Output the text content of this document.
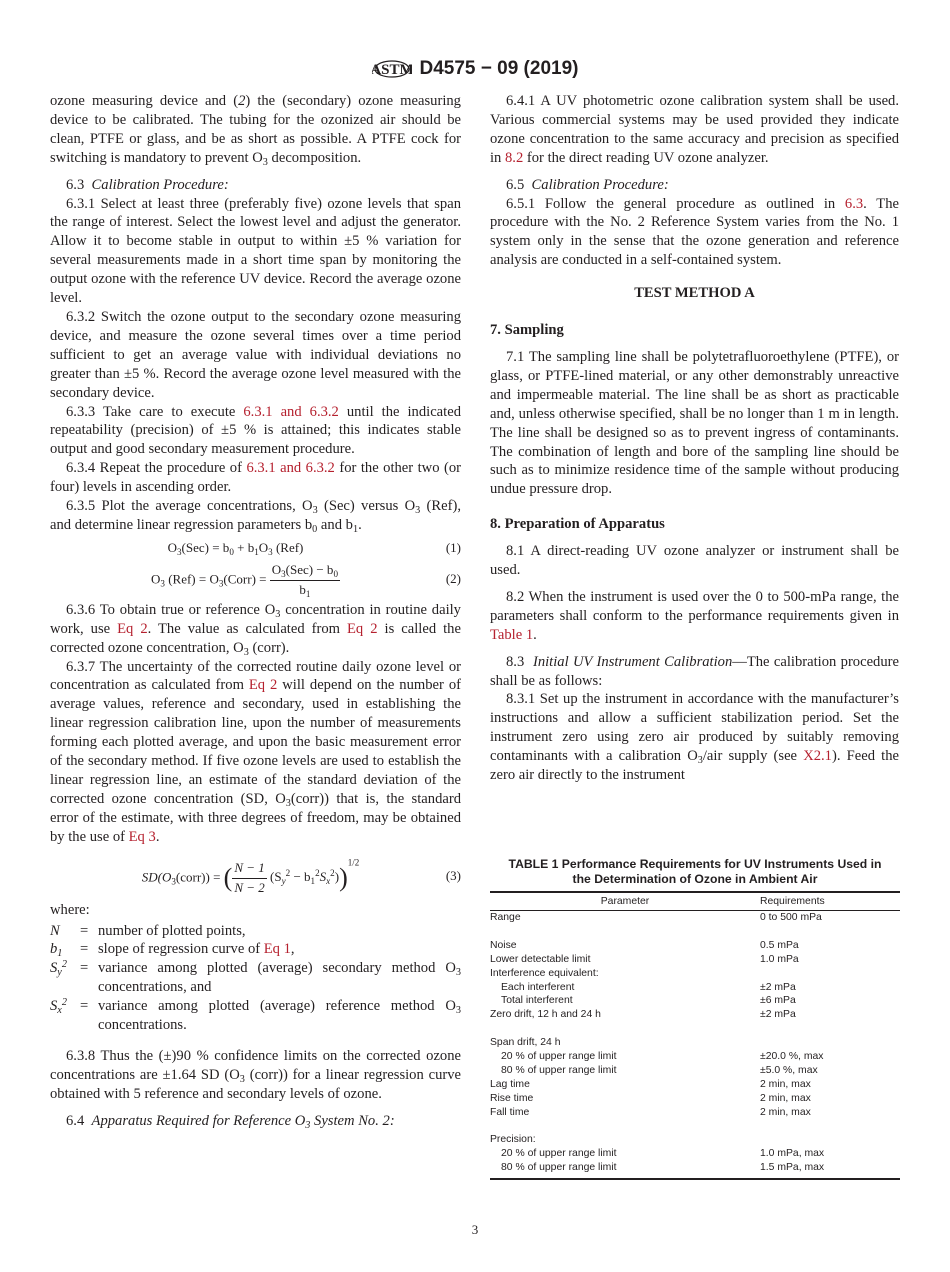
ASTM D4575 − 09 (2019)

ozone measuring device and (2) the (secondary) ozone measuring device to be calibrated. The tubing for the ozonized air should be clean, PTFE or glass, and be as short as possible. A PTFE cock for switching is mandatory to prevent $O_3$ decomposition.

6.3 Calibration Procedure:

6.3.1 Select at least three (preferably five) ozone levels that span the range of interest. Select the lowest level and adjust the generator. Allow it to become stable in output to within ±5 % variation for several measurements made in a short time span by monitoring the output ozone with the reference UV device. Record the average ozone level.

6.3.2 Switch the ozone output to the secondary ozone measuring device, and measure the ozone several times over a time period sufficient to get an average value with individual deviations no greater than ±5 %. Record the average ozone level measured with the secondary device.

6.3.3 Take care to execute 6.3.1 and 6.3.2 until the indicated repeatability (precision) of ±5 % is attained; this indicates stable output and good secondary measurement procedure.

6.3.4 Repeat the procedure of 6.3.1 and 6.3.2 for the other two (or four) levels in ascending order.

6.3.5 Plot the average concentrations, $O_3$ (Sec) versus $O_3$ (Ref), and determine linear regression parameters $b_0$ and $b_1$.

$O_3(Sec) = b_0 + b_1O_3$ (Ref)	(1)
$O_3$ $(Ref) = O_3(Corr) = \frac{O_3(Sec) - b_0}{b_1}$	(2)

6.3.6 To obtain true or reference $O_3$ concentration in routine daily work, use Eq 2. The value as calculated from Eq 2 is called the corrected ozone concentration, $O_3$ (corr).

6.3.7 The uncertainty of the corrected routine daily ozone level or concentration as calculated from Eq 2 will depend on the number of average values, reference and secondary, used in establishing the linear regression calibration line, upon the number of measurements forming each plotted average, and upon the basic measurement error of the secondary method. If five ozone levels are used to establish the linear regression line, an estimate of the standard deviation of the corrected ozone concentration (SD, $O_3(corr)$) that is, the standard error of the estimate, with three degrees of freedom, may be obtained by the use of Eq 3.

$SD(O_3(corr))$ = ( $\frac{N - 1}{N - 2} (S_y^2 - b_1^2S_x^2))^{1/2}$
(3)

where:

N	= number of plotted points,
$b_1$	= slope of regression curve of Eq 1,
$S_y^2$ = variance among plotted (average) secondary method $O_3$ concentrations, and
$S_x^2$ = variance among plotted (average) reference method $O_3$ concentrations.

6.3.8 Thus the (±)90 % confidence limits on the corrected ozone concentrations are ±1.64 SD ($O_3$ (corr)) for a linear regression curve obtained with 5 reference and secondary levels of ozone.

6.4 Apparatus Required for Reference $O_3$ System No. 2:

6.4.1 A UV photometric ozone calibration system shall be used. Various commercial systems may be used provided they indicate ozone concentration to the same accuracy and precision as specified in 8.2 for the direct reading UV ozone analyzer.

6.5 Calibration Procedure:

6.5.1 Follow the general procedure as outlined in 6.3. The procedure with the No. 2 Reference System varies from the No. 1 system only in the sense that the ozone generation and reference analysis are conducted in a self-contained system.

TEST METHOD A

7. Sampling

7.1 The sampling line shall be polytetrafluoroethylene (PTFE), or glass, or PTFE-lined material, or any other demonstrably unreactive and impermeable material. The line shall be as short as practicable and, unless otherwise specified, shall be no longer than 1 m in length. The line shall be designed so as to prevent ingress of contaminants. The combination of length and bore of the sampling line should be such as to minimize residence time of the sample without producing undue pressure drop.

8. Preparation of Apparatus

8.1 A direct-reading UV ozone analyzer or instrument shall be used.

8.2 When the instrument is used over the 0 to 500-mPa range, the parameters shall conform to the performance requirements given in Table 1.

8.3 Initial UV Instrument Calibration—The calibration procedure shall be as follows:

8.3.1 Set up the instrument in accordance with the manufacturer’s instructions and allow a sufficient stabilization period. Set the instrument zero using zero air produced by suitably removing contaminants with a calibration $O_3$/air supply (see X2.1). Feed the zero air directly to the instrument

TABLE 1 Performance Requirements for UV Instruments Used in
the Determination of Ozone in Ambient Air
Parameter	Requirements
Range	0 to 500 mPa

Noise	0.5 mPa
Lower detectable limit	1.0 mPa
Interference equivalent:	
Each interferent	±2 mPa
Total interferent	±6 mPa
Zero drift, 12 h and 24 h	±2 mPa

Span drift, 24 h	
20 % of upper range limit	±20.0 %, max
80 % of upper range limit	±5.0 %, max
Lag time	2 min, max
Rise time	2 min, max
Fall time	2 min, max

Precision:	
20 % of upper range limit	1.0 mPa, max
80 % of upper range limit	1.5 mPa, max
3
